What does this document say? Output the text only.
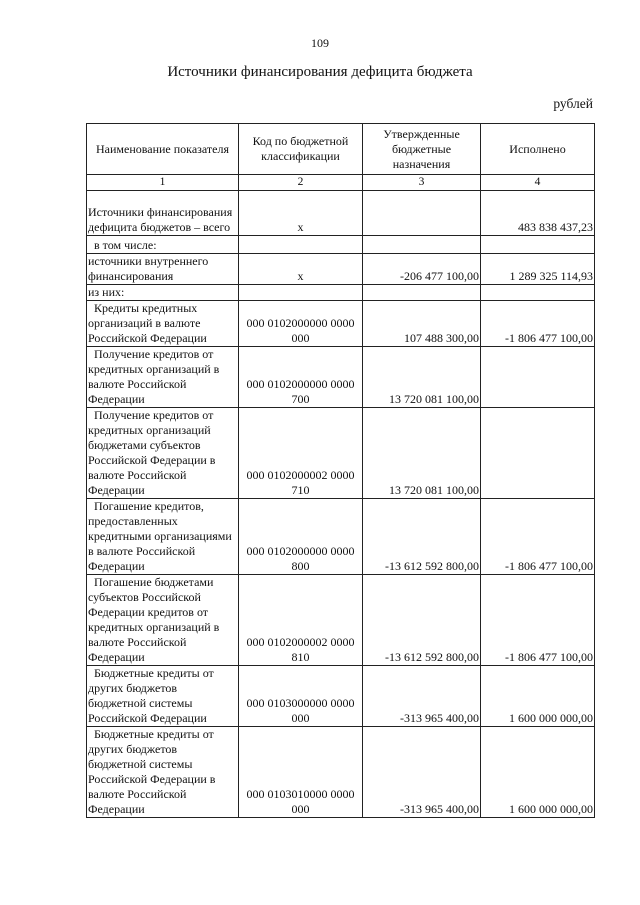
109
Источники финансирования дефицита бюджета
рублей
Наименование показателя	Код по бюджетной классификации	Утвержденные бюджетные назначения	Исполнено
1	2	3	4
Источники финансирования дефицита бюджетов – всего	x		483 838 437,23

в том числе:			

источники внутреннего финансирования	x	-206 477 100,00	1 289 325 114,93
из них:			

Кредиты кредитных организаций в валюте Российской Федерации	000 0102000000 0000 000	107 488 300,00	-1 806 477 100,00

Получение кредитов от кредитных организаций в валюте Российской Федерации	000 0102000000 0000 700	13 720 081 100,00	

Получение кредитов от кредитных организаций бюджетами субъектов Российской Федерации в валюте Российской Федерации	000 0102000002 0000 710	13 720 081 100,00	

Погашение кредитов, предоставленных кредитными организациями в валюте Российской Федерации	000 0102000000 0000 800	-13 612 592 800,00	-1 806 477 100,00

Погашение бюджетами субъектов Российской Федерации кредитов от кредитных организаций в валюте Российской Федерации	000 0102000002 0000 810	-13 612 592 800,00	-1 806 477 100,00

Бюджетные кредиты от других бюджетов бюджетной системы Российской Федерации	000 0103000000 0000 000	-313 965 400,00	1 600 000 000,00

Бюджетные кредиты от других бюджетов бюджетной системы Российской Федерации в валюте Российской Федерации	000 0103010000 0000 000	-313 965 400,00	1 600 000 000,00
